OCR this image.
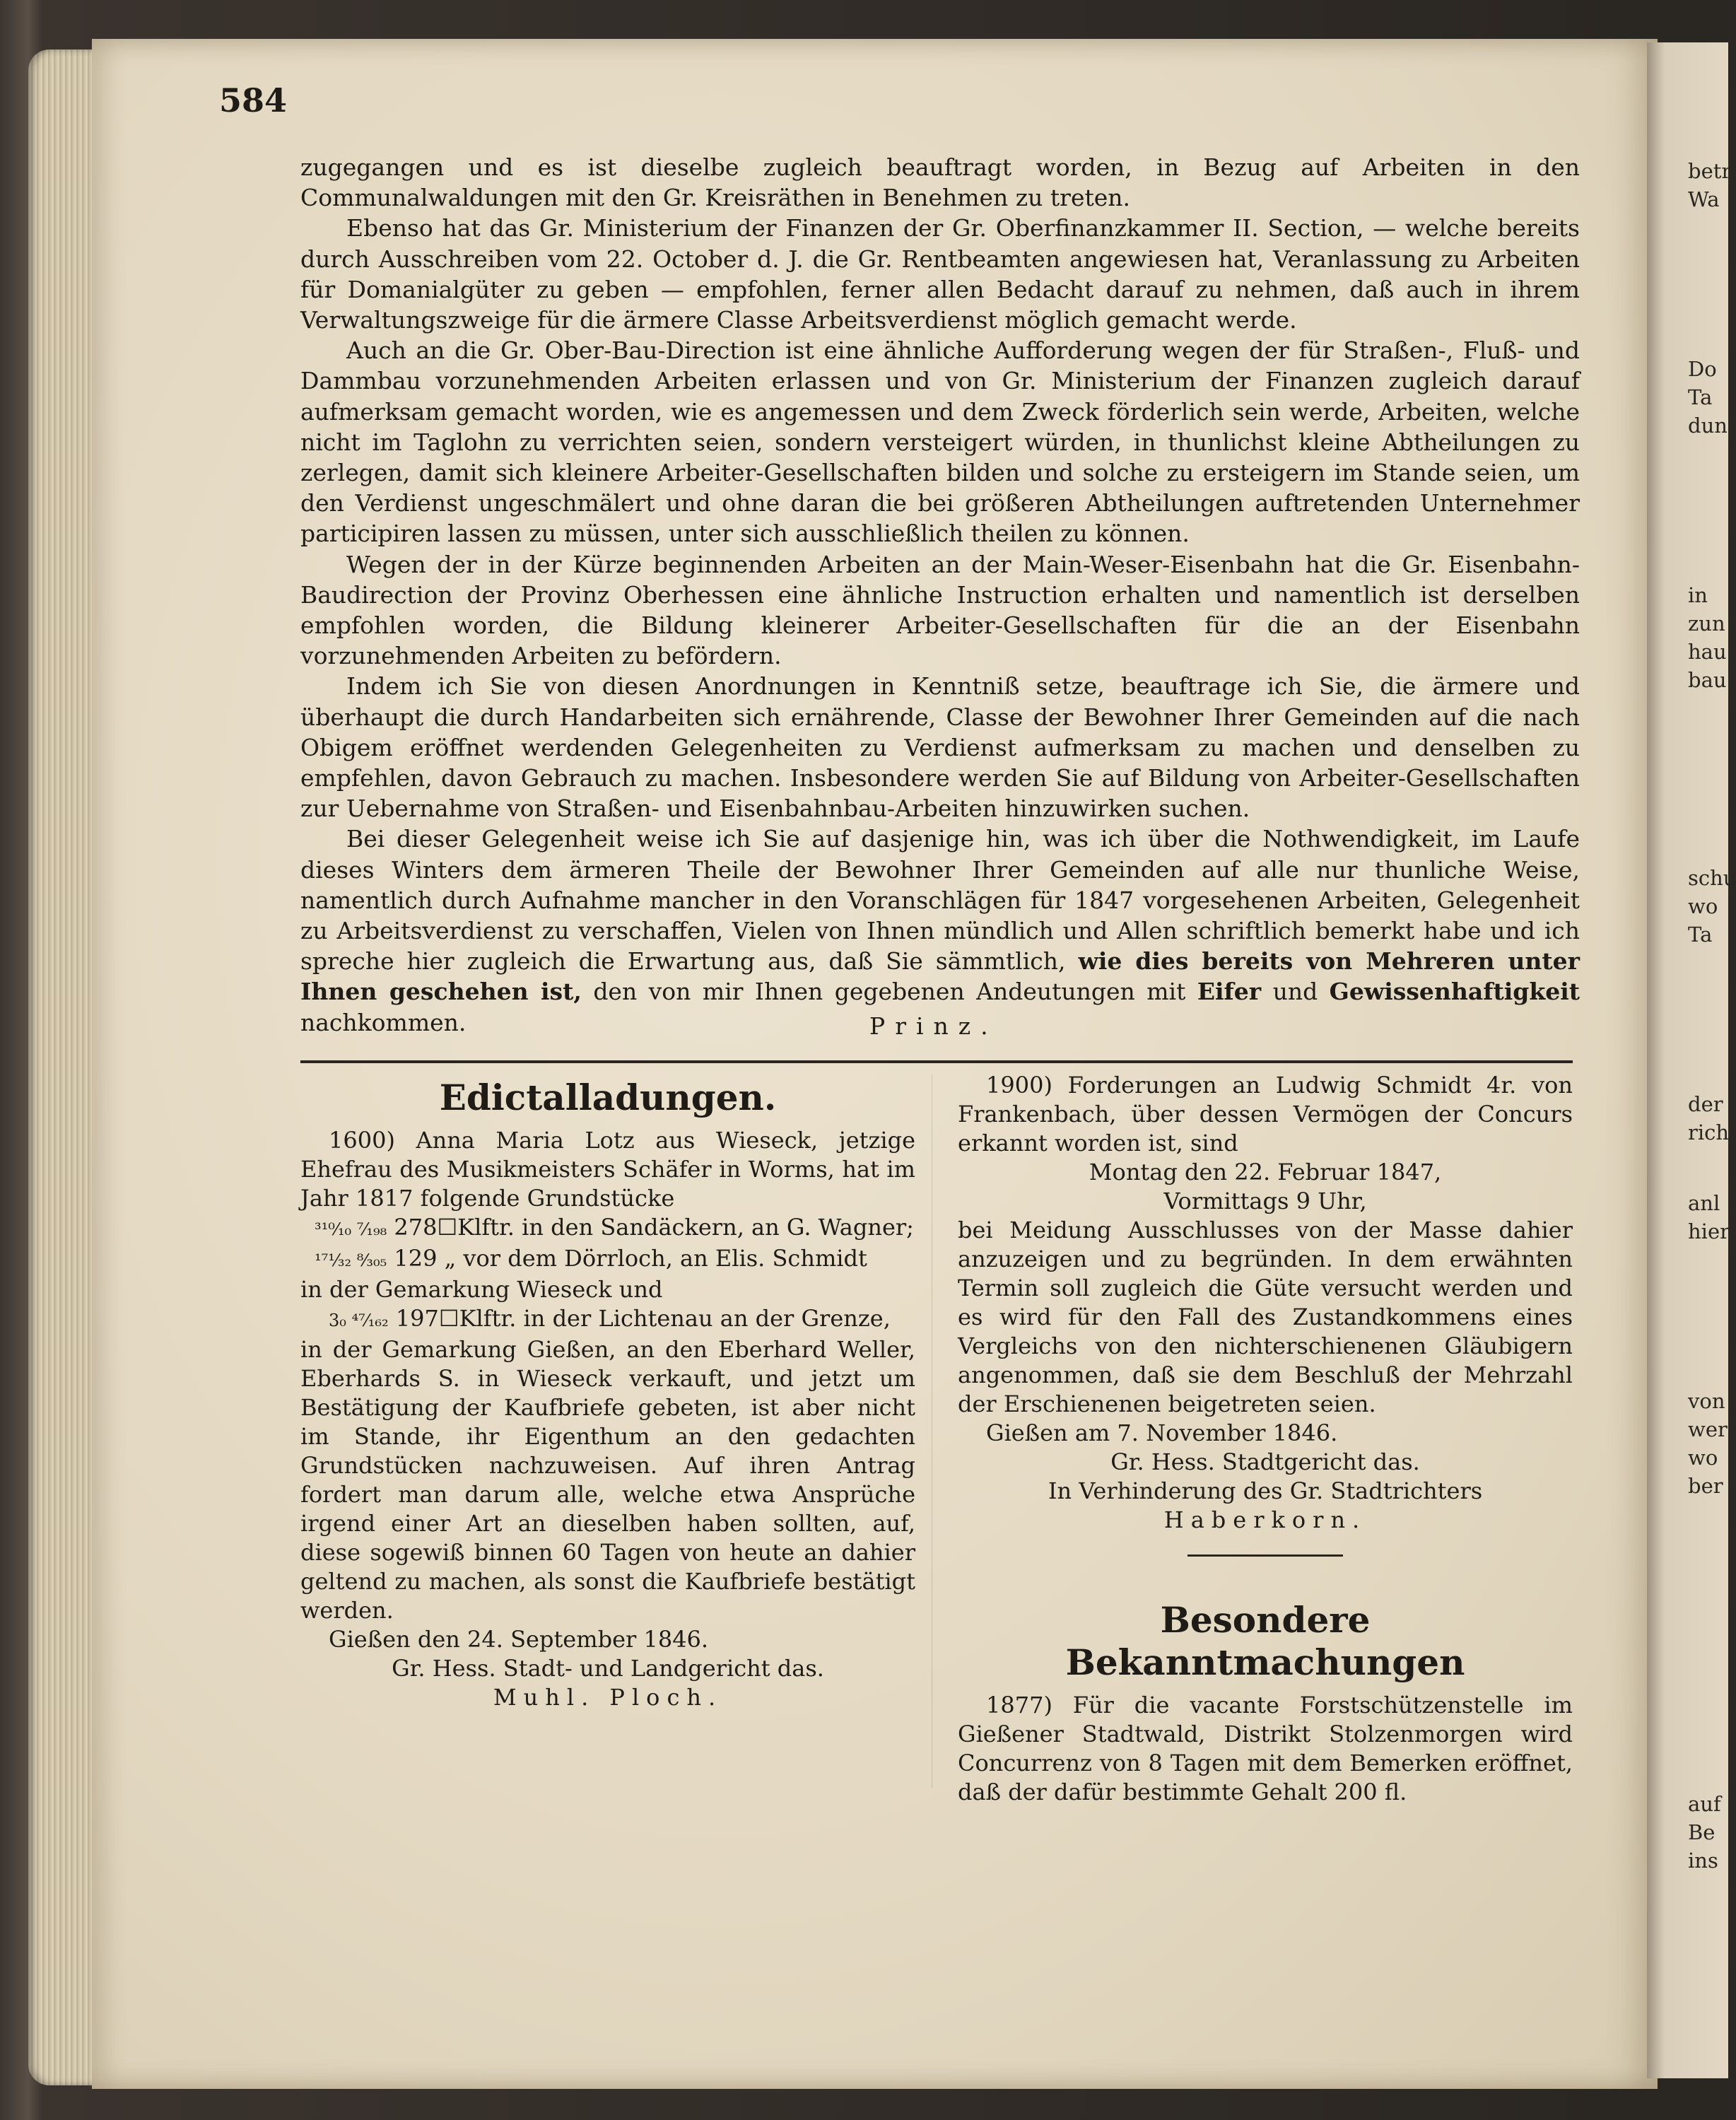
betr
Wa
Do
Ta
dun
in
zun
hau
bau
schu
wo
Ta
der
rich
anl
hier
von
wer
wo
ber
auf
Be
ins
584

zugegangen und es ist dieselbe zugleich beauftragt worden, in Bezug auf Arbeiten in den Communalwaldungen mit den Gr. Kreisräthen in Benehmen zu treten.

Ebenso hat das Gr. Ministerium der Finanzen der Gr. Oberfinanzkammer II. Section, — welche bereits durch Ausschreiben vom 22. October d. J. die Gr. Rentbeamten angewiesen hat, Veranlassung zu Arbeiten für Domanialgüter zu geben — empfohlen, ferner allen Bedacht darauf zu nehmen, daß auch in ihrem Verwaltungszweige für die ärmere Classe Arbeitsverdienst möglich gemacht werde.

Auch an die Gr. Ober-Bau-Direction ist eine ähnliche Aufforderung wegen der für Straßen-, Fluß- und Dammbau vorzunehmenden Arbeiten erlassen und von Gr. Ministerium der Finanzen zugleich darauf aufmerksam gemacht worden, wie es angemessen und dem Zweck förderlich sein werde, Arbeiten, welche nicht im Taglohn zu verrichten seien, sondern versteigert würden, in thunlichst kleine Abtheilungen zu zerlegen, damit sich kleinere Arbeiter-Gesellschaften bilden und solche zu ersteigern im Stande seien, um den Verdienst ungeschmälert und ohne daran die bei größeren Abtheilungen auftretenden Unternehmer participiren lassen zu müssen, unter sich ausschließlich theilen zu können.

Wegen der in der Kürze beginnenden Arbeiten an der Main-Weser-Eisenbahn hat die Gr. Eisenbahn-Baudirection der Provinz Oberhessen eine ähnliche Instruction erhalten und namentlich ist derselben empfohlen worden, die Bildung kleinerer Arbeiter-Gesellschaften für die an der Eisenbahn vorzunehmenden Arbeiten zu befördern.

Indem ich Sie von diesen Anordnungen in Kenntniß setze, beauftrage ich Sie, die ärmere und überhaupt die durch Handarbeiten sich ernährende, Classe der Bewohner Ihrer Gemeinden auf die nach Obigem eröffnet werdenden Gelegenheiten zu Verdienst aufmerksam zu machen und denselben zu empfehlen, davon Gebrauch zu machen. Insbesondere werden Sie auf Bildung von Arbeiter-Gesellschaften zur Uebernahme von Straßen- und Eisenbahnbau-Arbeiten hinzuwirken suchen.

Bei dieser Gelegenheit weise ich Sie auf dasjenige hin, was ich über die Nothwendigkeit, im Laufe dieses Winters dem ärmeren Theile der Bewohner Ihrer Gemeinden auf alle nur thunliche Weise, namentlich durch Aufnahme mancher in den Voranschlägen für 1847 vorgesehenen Arbeiten, Gelegenheit zu Arbeitsverdienst zu verschaffen, Vielen von Ihnen mündlich und Allen schriftlich bemerkt habe und ich spreche hier zugleich die Erwartung aus, daß Sie sämmtlich, wie dies bereits von Mehreren unter Ihnen geschehen ist, den von mir Ihnen gegebenen Andeutungen mit Eifer und Gewissenhaftigkeit nachkommen.	Prinz.
Edictalladungen.
1600) Anna Maria Lotz aus Wieseck, jetzige Ehefrau des Musikmeisters Schäfer in Worms, hat im Jahr 1817 folgende Grundstücke
³¹⁰⁄₁₀ ⁷⁄₁₉₈ 278☐Klftr. in den Sandäckern, an G. Wagner;
¹⁷¹⁄₃₂ ⁸⁄₃₀₅ 129 „ vor dem Dörrloch, an Elis. Schmidt
in der Gemarkung Wieseck und
3₀ ⁴⁷⁄₁₆₂ 197☐Klftr. in der Lichtenau an der Grenze,
in der Gemarkung Gießen, an den Eberhard Weller, Eberhards S. in Wieseck verkauft, und jetzt um Bestätigung der Kaufbriefe gebeten, ist aber nicht im Stande, ihr Eigenthum an den gedachten Grundstücken nachzuweisen. Auf ihren Antrag fordert man darum alle, welche etwa Ansprüche irgend einer Art an dieselben haben sollten, auf, diese sogewiß binnen 60 Tagen von heute an dahier geltend zu machen, als sonst die Kaufbriefe bestätigt werden.
Gießen den 24. September 1846.
Gr. Hess. Stadt- und Landgericht das.
Muhl. Ploch.
1900) Forderungen an Ludwig Schmidt 4r. von Frankenbach, über dessen Vermögen der Concurs erkannt worden ist, sind
Montag den 22. Februar 1847,
Vormittags 9 Uhr,
bei Meidung Ausschlusses von der Masse dahier anzuzeigen und zu begründen. In dem erwähnten Termin soll zugleich die Güte versucht werden und es wird für den Fall des Zustandkommens eines Vergleichs von den nichterschienenen Gläubigern angenommen, daß sie dem Beschluß der Mehrzahl der Erschienenen beigetreten seien.
Gießen am 7. November 1846.
Gr. Hess. Stadtgericht das.
In Verhinderung des Gr. Stadtrichters
Haberkorn.
Besondere Bekanntmachungen
1877) Für die vacante Forstschützenstelle im Gießener Stadtwald, Distrikt Stolzenmorgen wird Concurrenz von 8 Tagen mit dem Bemerken eröffnet, daß der dafür bestimmte Gehalt 200 fl.
